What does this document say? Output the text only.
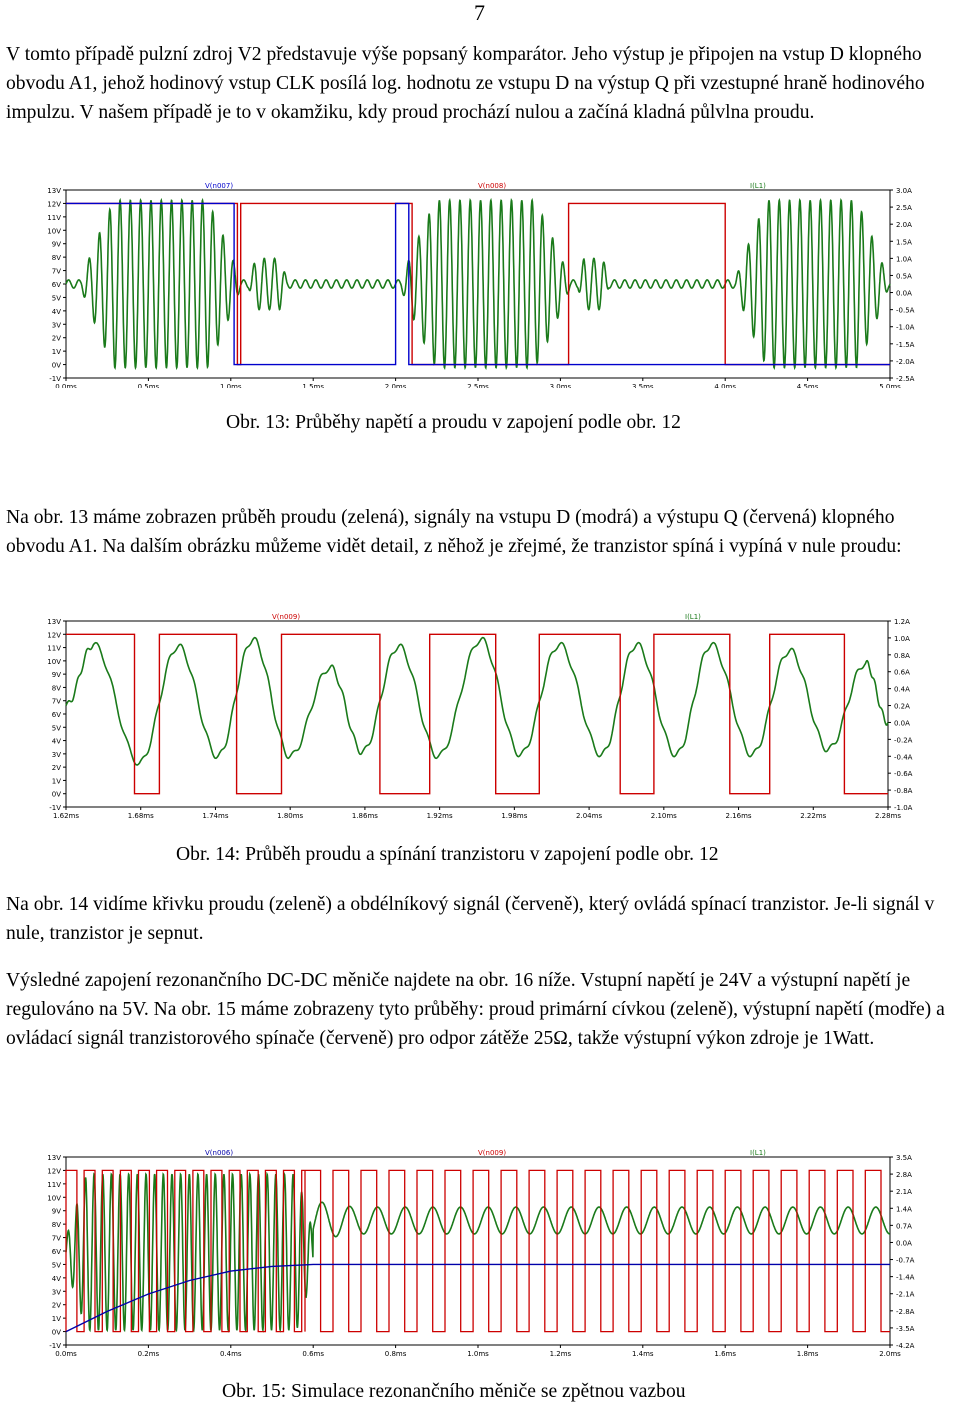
7

V tomto případě pulzní zdroj V2 představuje výše popsaný komparátor. Jeho výstup je připojen na vstup D klopného obvodu A1, jehož hodinový vstup CLK posílá log. hodnotu ze vstupu D na výstup Q při vzestupné hraně hodinového impulzu. V našem případě je to v okamžiku, kdy proud prochází nulou a začíná kladná půlvlna proudu.

13V
12V
11V
10V
9V
8V
7V
6V
5V
4V
3V
2V
1V
0V
-1V
3.0A
2.5A
2.0A
1.5A
1.0A
0.5A
0.0A
-0.5A
-1.0A
-1.5A
-2.0A
-2.5A
0.0ms	0.5ms	1.0ms	1.5ms	2.0ms	2.5ms	3.0ms	3.5ms	4.0ms	4.5ms	5.0ms
V(n007)	V(n008)	I(L1)
Obr. 13: Průběhy napětí a proudu v zapojení podle obr. 12

Na obr. 13 máme zobrazen průběh proudu (zelená), signály na vstupu D (modrá) a výstupu Q (červená) klopného obvodu A1. Na dalším obrázku můžeme vidět detail, z něhož je zřejmé, že tranzistor spíná i vypíná v nule proudu:

13V
12V
11V
10V
9V
8V
7V
6V
5V
4V
3V
2V
1V
0V
-1V
1.2A
1.0A
0.8A
0.6A
0.4A
0.2A
0.0A
-0.2A
-0.4A
-0.6A
-0.8A
-1.0A
1.62ms	1.68ms	1.74ms	1.80ms	1.86ms	1.92ms	1.98ms	2.04ms	2.10ms	2.16ms	2.22ms	2.28ms
V(n009)	I(L1)
Obr. 14: Průběh proudu a spínání tranzistoru v zapojení podle obr. 12

Na obr. 14 vidíme křivku proudu (zeleně) a obdélníkový signál (červeně), který ovládá spínací tranzistor. Je-li signál v nule, tranzistor je sepnut.

Výsledné zapojení rezonančního DC-DC měniče najdete na obr. 16 níže. Vstupní napětí je 24V a výstupní napětí je regulováno na 5V. Na obr. 15 máme zobrazeny tyto průběhy: proud primární cívkou (zeleně), výstupní napětí (modře) a ovládací signál tranzistorového spínače (červeně) pro odpor zátěže 25Ω, takže výstupní výkon zdroje je 1Watt.

13V
12V
11V
10V
9V
8V
7V
6V
5V
4V
3V
2V
1V
0V
-1V
3.5A
2.8A
2.1A
1.4A
0.7A
0.0A
-0.7A
-1.4A
-2.1A
-2.8A
-3.5A
-4.2A
0.0ms	0.2ms	0.4ms	0.6ms	0.8ms	1.0ms	1.2ms	1.4ms	1.6ms	1.8ms	2.0ms
V(n006)	V(n009)	I(L1)
Obr. 15: Simulace rezonančního měniče se zpětnou vazbou
